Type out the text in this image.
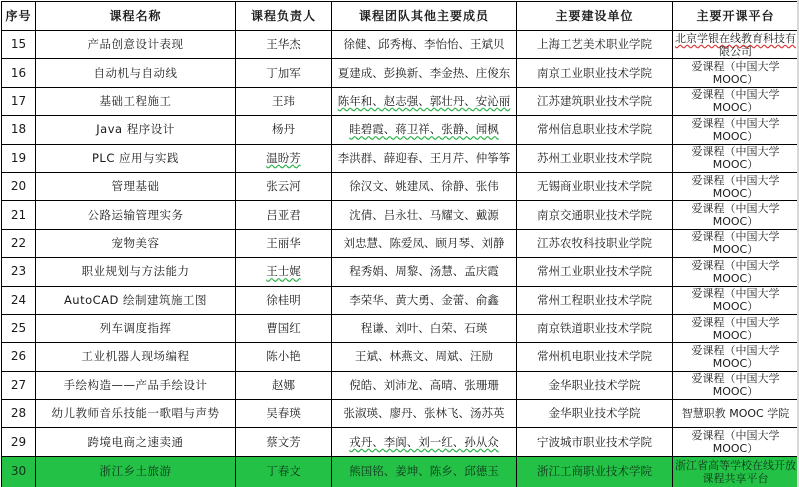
序号	课程名称	课程负责人	课程团队其他主要成员	主要建设单位	主要开课平台
15	产品创意设计表现	王华杰	徐健、邱秀梅、李怡怡、王斌贝	上海工艺美术职业学院	北京学银在线教育科技有限公司
16	自动机与自动线	丁加军	夏建成、彭换新、李金热、庄俊东	南京工业职业技术学院	爱课程（中国大学 MOOC）
17	基础工程施工	王玮	陈年和、赵志强、郭壮丹、安沁丽	江苏建筑职业技术学院	爱课程（中国大学 MOOC）
18	Java 程序设计	杨丹	眭碧霞、蒋卫祥、张静、闻枫	常州信息职业技术学院	爱课程（中国大学 MOOC）
19	PLC 应用与实践	温盼芳	李洪群、薛迎春、王月芹、仲筝筝	苏州工业职业技术学院	爱课程（中国大学 MOOC）
20	管理基础	张云河	徐汉文、姚建凤、徐静、张伟	无锡商业职业技术学院	爱课程（中国大学 MOOC）
21	公路运输管理实务	吕亚君	沈倩、吕永壮、马耀文、戴源	南京交通职业技术学院	爱课程（中国大学 MOOC）
22	宠物美容	王丽华	刘忠慧、陈爱凤、顾月琴、刘静	江苏农牧科技职业学院	爱课程（中国大学 MOOC）
23	职业规划与方法能力	王士娓	程秀娟、周黎、汤慧、孟庆霞	常州工业职业技术学院	爱课程（中国大学 MOOC）
24	AutoCAD 绘制建筑施工图	徐桂明	李荣华、黄大勇、金蕾、俞鑫	常州工程职业技术学院	爱课程（中国大学 MOOC）
25	列车调度指挥	曹国红	程谦、刘叶、白荣、石瑛	南京铁道职业技术学院	爱课程（中国大学 MOOC）
26	工业机器人现场编程	陈小艳	王斌、林燕文、周斌、汪励	常州机电职业技术学院	爱课程（中国大学 MOOC）
27	手绘构造——产品手绘设计	赵娜	倪皓、刘沛龙、高晴、张珊珊	金华职业技术学院	爱课程（中国大学 MOOC）
28	幼儿教师音乐技能一歌唱与声势	吴春瑛	张淑瑛、廖丹、张林飞、汤苏英	金华职业技术学院	智慧职教 MOOC 学院
29	跨境电商之速卖通	蔡文芳	戎丹、李阆、刘一红、孙从众	宁波城市职业技术学院	爱课程（中国大学 MOOC）
30	浙江乡土旅游	丁春文	熊国铭、姜坤、陈乡、邱德玉	浙江工商职业技术学院	浙江省高等学校在线开放课程共享平台
